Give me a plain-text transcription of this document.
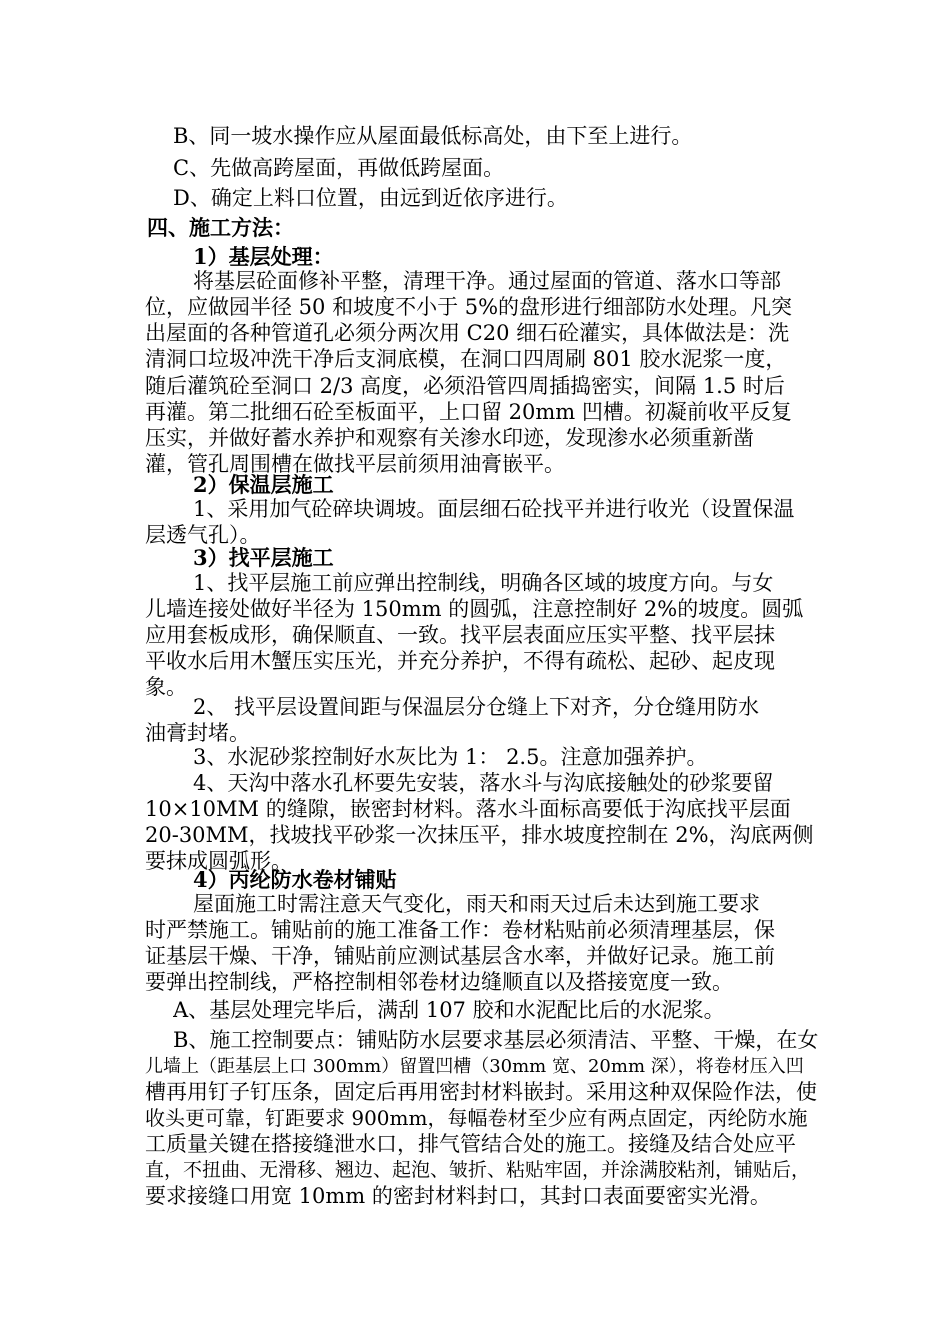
B、同一坡水操作应从屋面最低标高处，由下至上进行。
C、先做高跨屋面，再做低跨屋面。
D、确定上料口位置，由远到近依序进行。
四、施工方法：
1）基层处理：
将基层砼面修补平整，清理干净。通过屋面的管道、落水口等部
位，应做园半径 50 和坡度不小于 5%的盘形进行细部防水处理。凡突
出屋面的各种管道孔必须分两次用 C20 细石砼灌实，具体做法是：洗
清洞口垃圾冲洗干净后支洞底模，在洞口四周刷 801 胶水泥浆一度，
随后灌筑砼至洞口 2/3 高度，必须沿管四周插捣密实，间隔 1.5 时后
再灌。第二批细石砼至板面平，上口留 20mm 凹槽。初凝前收平反复
压实，并做好蓄水养护和观察有关渗水印迹，发现渗水必须重新凿
灌，管孔周围槽在做找平层前须用油膏嵌平。
2）保温层施工
1、采用加气砼碎块调坡。面层细石砼找平并进行收光（设置保温
层透气孔）。
3）找平层施工
1、找平层施工前应弹出控制线，明确各区域的坡度方向。与女
儿墙连接处做好半径为 150mm 的圆弧，注意控制好 2%的坡度。圆弧
应用套板成形，确保顺直、一致。找平层表面应压实平整、找平层抹
平收水后用木蟹压实压光，并充分养护，不得有疏松、起砂、起皮现
象。
2、 找平层设置间距与保温层分仓缝上下对齐，分仓缝用防水
油膏封堵。
3、水泥砂浆控制好水灰比为 1： 2.5。注意加强养护。
4、天沟中落水孔杯要先安装，落水斗与沟底接触处的砂浆要留
10×10MM 的缝隙，嵌密封材料。落水斗面标高要低于沟底找平层面
20-30MM，找坡找平砂浆一次抹压平，排水坡度控制在 2%，沟底两侧
要抹成圆弧形。
4）丙纶防水卷材铺贴
屋面施工时需注意天气变化，雨天和雨天过后未达到施工要求
时严禁施工。铺贴前的施工准备工作：卷材粘贴前必须清理基层，保
证基层干燥、干净，铺贴前应测试基层含水率，并做好记录。施工前
要弹出控制线，严格控制相邻卷材边缝顺直以及搭接宽度一致。
A、基层处理完毕后，满刮 107 胶和水泥配比后的水泥浆。
B、施工控制要点：铺贴防水层要求基层必须清洁、平整、干燥，在女
儿墙上（距基层上口 300mm）留置凹槽（30mm 宽、20mm 深），将卷材压入凹
槽再用钉子钉压条，固定后再用密封材料嵌封。采用这种双保险作法，使
收头更可靠，钉距要求 900mm，每幅卷材至少应有两点固定，丙纶防水施
工质量关键在搭接缝泄水口，排气管结合处的施工。接缝及结合处应平
直，不扭曲、无滑移、翘边、起泡、皱折、粘贴牢固，并涂满胶粘剂，铺贴后，
要求接缝口用宽 10mm 的密封材料封口，其封口表面要密实光滑。
